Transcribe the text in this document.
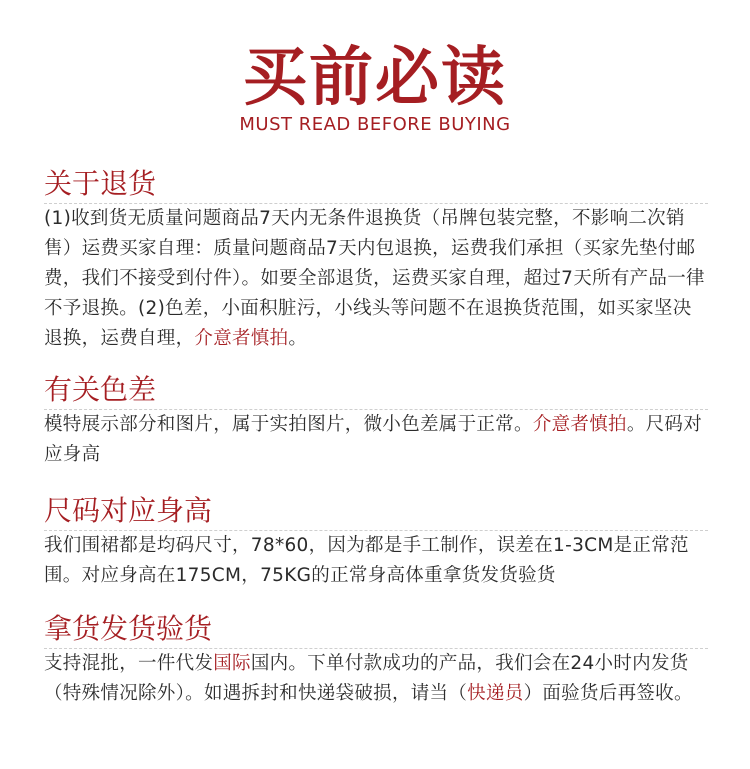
买前必读
MUST READ BEFORE BUYING
关于退货
(1)收到货无质量问题商品7天内无条件退换货（吊牌包装完整，不影响二次销售）运费买家自理：质量问题商品7天内包退换，运费我们承担（买家先垫付邮费，我们不接受到付件）。如要全部退货，运费买家自理，超过7天所有产品一律不予退换。(2)色差，小面积脏污，小线头等问题不在退换货范围，如买家坚决退换，运费自理，介意者慎拍。
有关色差
模特展示部分和图片，属于实拍图片，微小色差属于正常。介意者慎拍。尺码对应身高
尺码对应身高
我们围裙都是均码尺寸，78*60，因为都是手工制作，误差在1-3CM是正常范围。对应身高在175CM，75KG的正常身高体重拿货发货验货
拿货发货验货
支持混批，一件代发国际国内。下单付款成功的产品，我们会在24小时内发货（特殊情况除外）。如遇拆封和快递袋破损，请当（快递员）面验货后再签收。
